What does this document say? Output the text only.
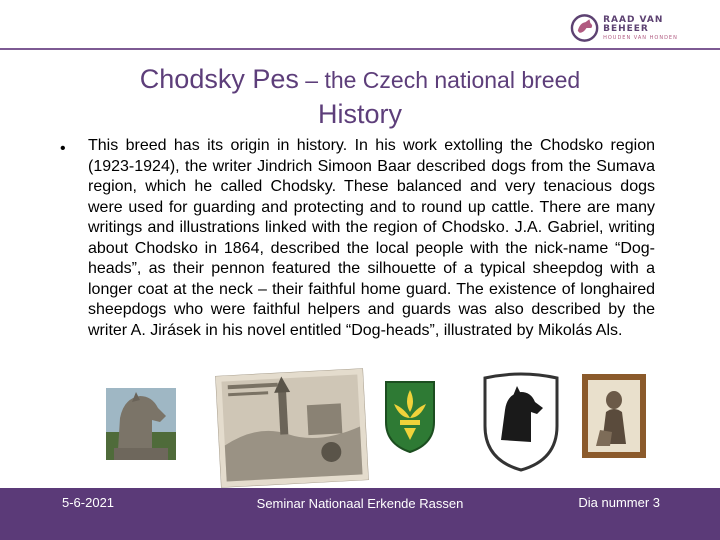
RAAD VAN BEHEER
HOUDEN VAN HONDEN
Chodsky Pes – the Czech national breed
History
• This breed has its origin in history. In his work extolling the Chodsko region (1923-1924), the writer Jindrich Simoon Baar described dogs from the Sumava region, which he called Chodsky. These balanced and very tenacious dogs were used for guarding and protecting and to round up cattle. There are many writings and illustrations linked with the region of Chodsko. J.A. Gabriel, writing about Chodsko in 1864, described the local people with the nick-name “Dog-heads”, as their pennon featured the silhouette of a typical sheepdog with a longer coat at the neck – their faithful home guard. The existence of longhaired sheepdogs who were faithful helpers and guards was also described by the writer A. Jirásek in his novel entitled “Dog-heads”, illustrated by Mikolás Als.
5-6-2021	Seminar Nationaal Erkende Rassen	Dia nummer 3
